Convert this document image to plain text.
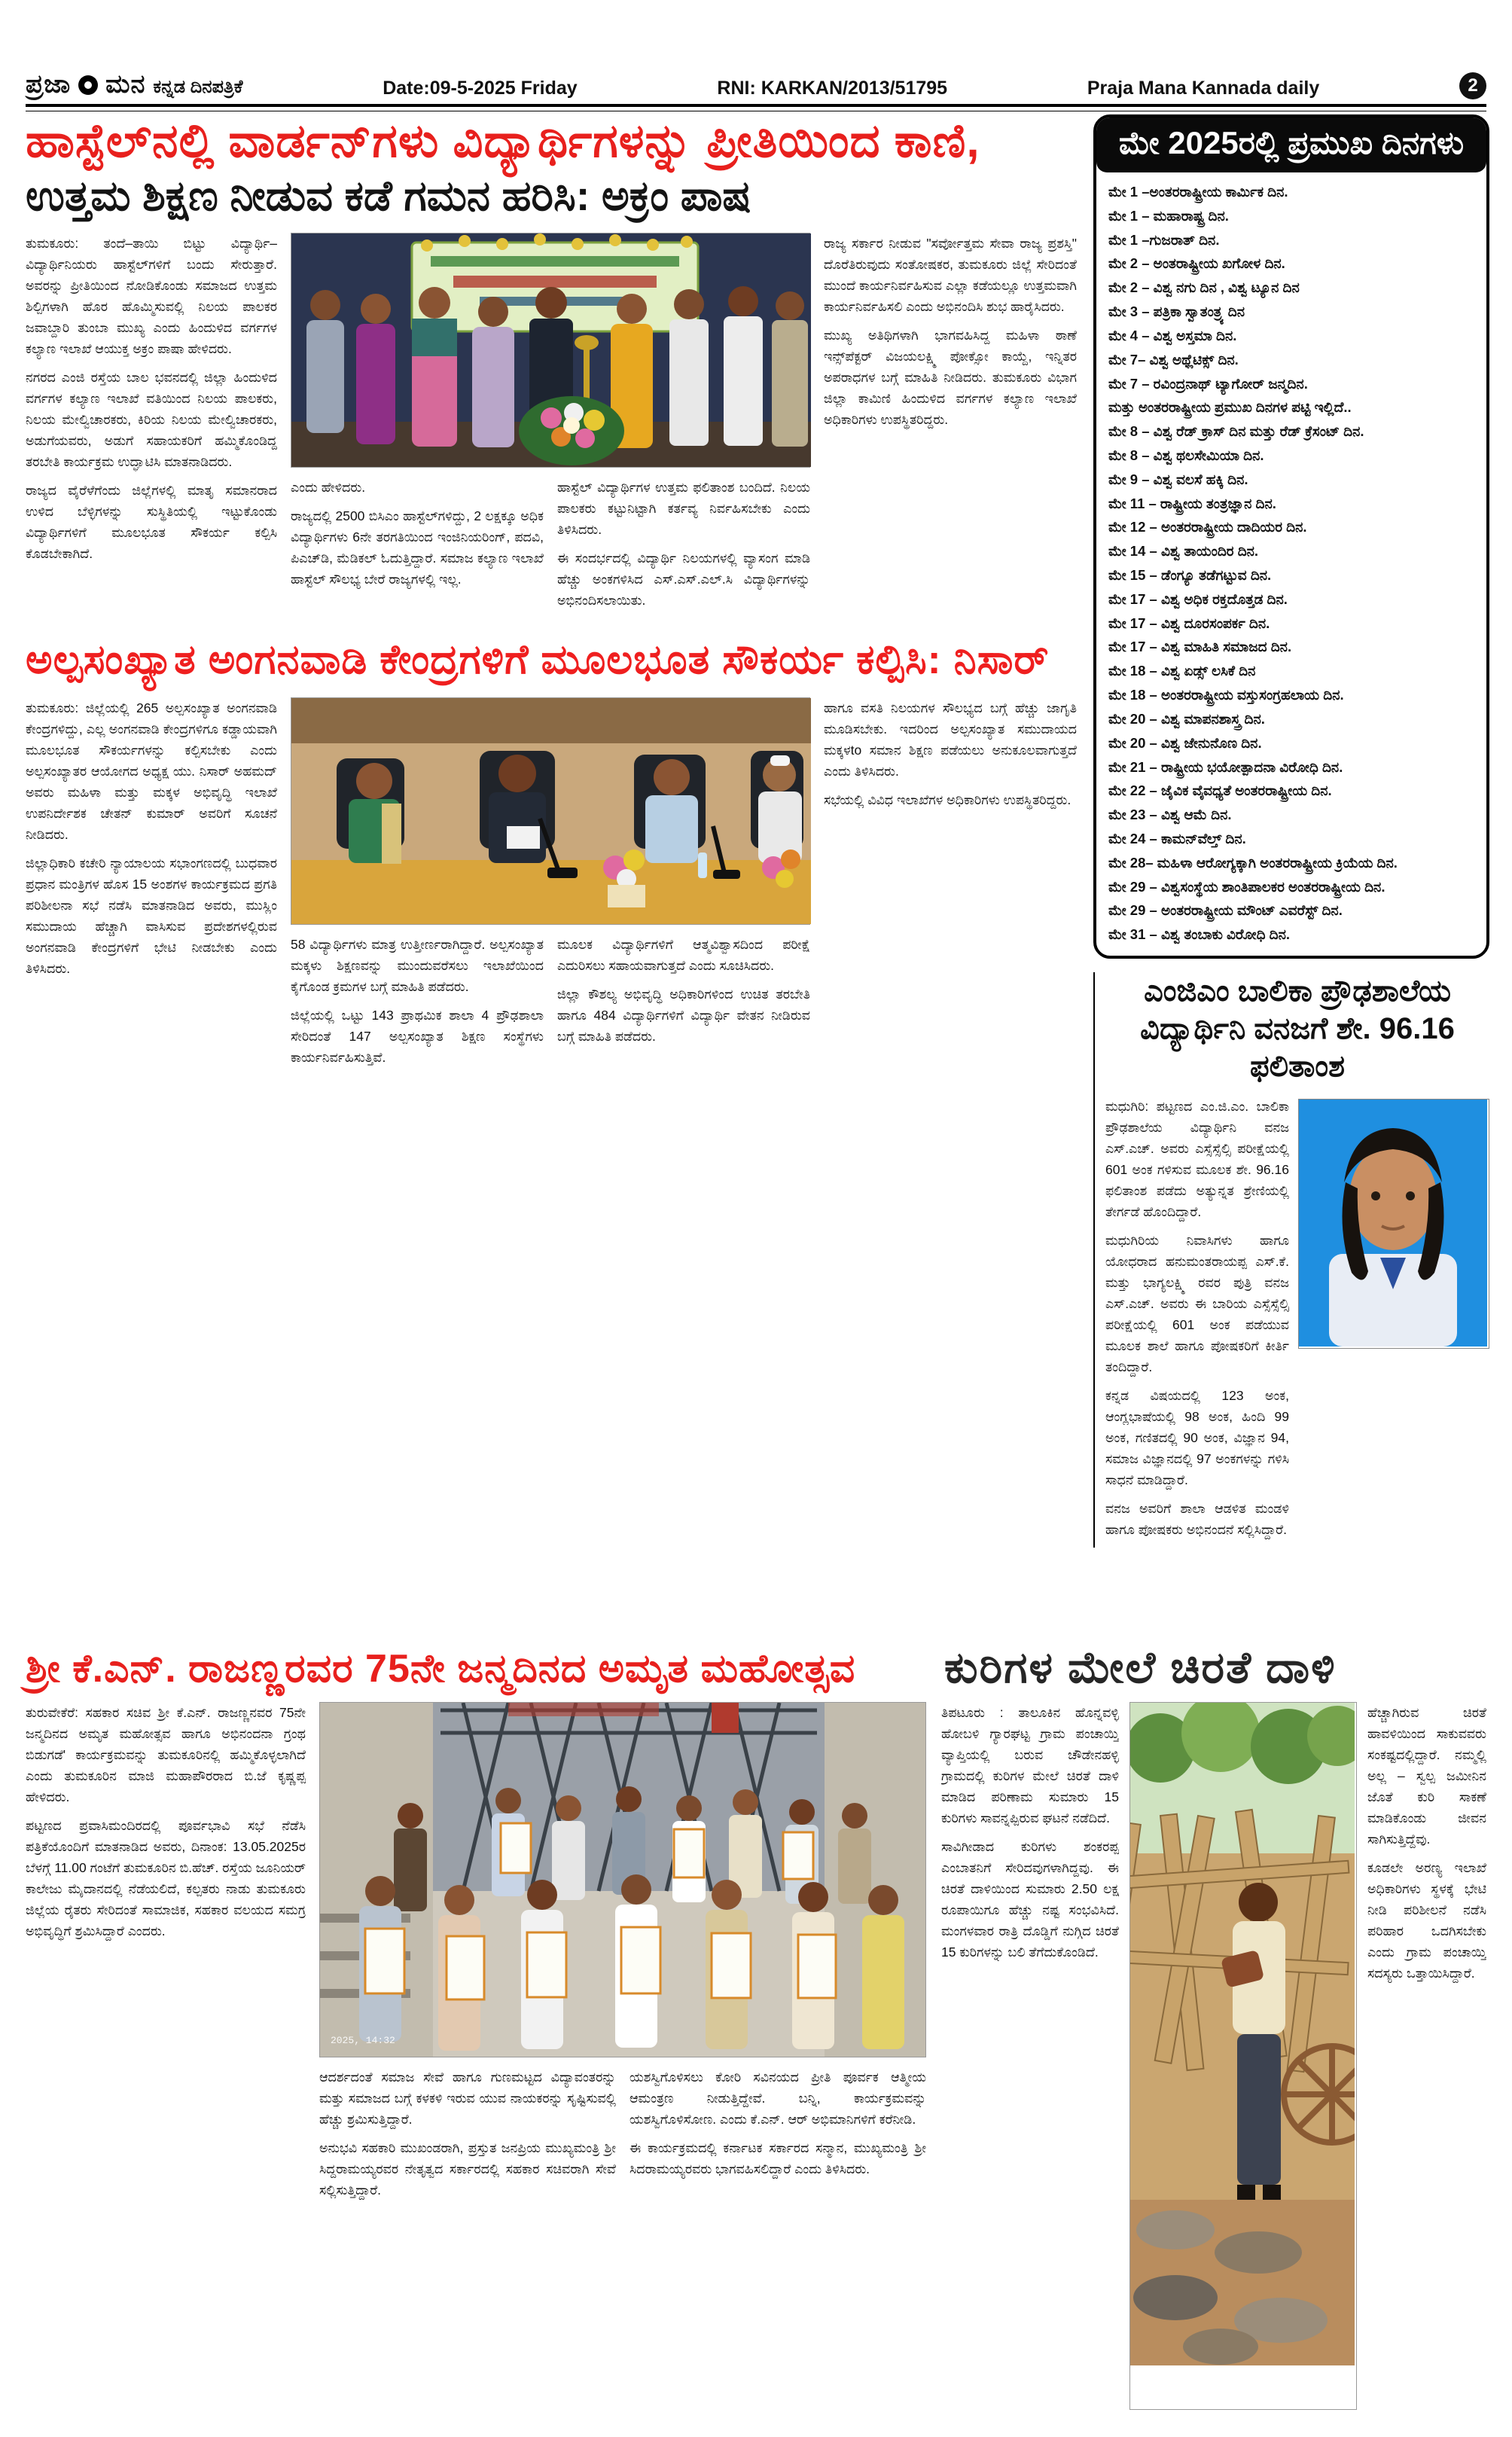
ಪ್ರಜಾ ಮನ ಕನ್ನಡ ದಿನಪತ್ರಿಕೆ	Date:09-5-2025 Friday	RNI: KARKAN/2013/51795	Praja Mana Kannada daily	2
ಹಾಸ್ಟೆಲ್‌ನಲ್ಲಿ ವಾರ್ಡನ್‌ಗಳು ವಿದ್ಯಾರ್ಥಿಗಳನ್ನು ಪ್ರೀತಿಯಿಂದ ಕಾಣಿ,
ಉತ್ತಮ ಶಿಕ್ಷಣ ನೀಡುವ ಕಡೆ ಗಮನ ಹರಿಸಿ: ಅಕ್ರಂ ಪಾಷ

ತುಮಕೂರು: ತಂದೆ–ತಾಯಿ ಬಿಟ್ಟು ವಿದ್ಯಾರ್ಥಿ–ವಿದ್ಯಾರ್ಥಿನಿಯರು ಹಾಸ್ಟೆಲ್‌ಗಳಿಗೆ ಬಂದು ಸೇರುತ್ತಾರೆ. ಅವರನ್ನು ಪ್ರೀತಿಯಿಂದ ನೋಡಿಕೊಂಡು ಸಮಾಜದ ಉತ್ತಮ ಶಿಲ್ಪಿಗಳಾಗಿ ಹೊರ ಹೊಮ್ಮಿಸುವಲ್ಲಿ ನಿಲಯ ಪಾಲಕರ ಜವಾಬ್ದಾರಿ ತುಂಬಾ ಮುಖ್ಯ ಎಂದು ಹಿಂದುಳಿದ ವರ್ಗಗಳ ಕಲ್ಯಾಣ ಇಲಾಖೆ ಆಯುಕ್ತ ಅಕ್ರಂ ಪಾಷಾ ಹೇಳಿದರು.

ನಗರದ ಎಂಜಿ ರಸ್ತೆಯ ಬಾಲ ಭವನದಲ್ಲಿ ಜಿಲ್ಲಾ ಹಿಂದುಳಿದ ವರ್ಗಗಳ ಕಲ್ಯಾಣ ಇಲಾಖೆ ವತಿಯಿಂದ ನಿಲಯ ಪಾಲಕರು, ನಿಲಯ ಮೇಲ್ವಿಚಾರಕರು, ಕಿರಿಯ ನಿಲಯ ಮೇಲ್ವಿಚಾರಕರು, ಅಡುಗೆಯವರು, ಅಡುಗೆ ಸಹಾಯಕರಿಗೆ ಹಮ್ಮಿಕೊಂಡಿದ್ದ ತರಬೇತಿ ಕಾರ್ಯಕ್ರಮ ಉದ್ಘಾಟಿಸಿ ಮಾತನಾಡಿದರು.

ರಾಜ್ಯದ ವೈರೆಳೆಗೆಂದು ಜಿಲ್ಲೆಗಳಲ್ಲಿ ಮಾತೃ ಸಮಾನರಾದ ಉಳಿದ ಬೆಳ್ಳಿಗಳನ್ನು ಸುಸ್ಥಿತಿಯಲ್ಲಿ ಇಟ್ಟುಕೊಂಡು ವಿದ್ಯಾರ್ಥಿಗಳಿಗೆ ಮೂಲಭೂತ ಸೌಕರ್ಯ ಕಲ್ಪಿಸಿ ಕೊಡಬೇಕಾಗಿದೆ.

ಎಂದು ಹೇಳಿದರು.

ರಾಜ್ಯದಲ್ಲಿ 2500 ಬಿಸಿಎಂ ಹಾಸ್ಟೆಲ್‌ಗಳಿದ್ದು, 2 ಲಕ್ಷಕ್ಕೂ ಅಧಿಕ ವಿದ್ಯಾರ್ಥಿಗಳು 6ನೇ ತರಗತಿಯಿಂದ ಇಂಜಿನಿಯರಿಂಗ್, ಪದವಿ, ಪಿಎಚ್‌ಡಿ, ಮೆಡಿಕಲ್ ಓದುತ್ತಿದ್ದಾರೆ. ಸಮಾಜ ಕಲ್ಯಾಣ ಇಲಾಖೆ ಹಾಸ್ಟೆಲ್ ಸೌಲಭ್ಯ ಬೇರೆ ರಾಜ್ಯಗಳಲ್ಲಿ ಇಲ್ಲ.

ಹಾಸ್ಟೆಲ್ ವಿದ್ಯಾರ್ಥಿಗಳ ಉತ್ತಮ ಫಲಿತಾಂಶ ಬಂದಿದೆ. ನಿಲಯ ಪಾಲಕರು ಕಟ್ಟುನಿಟ್ಟಾಗಿ ಕರ್ತವ್ಯ ನಿರ್ವಹಿಸಬೇಕು ಎಂದು ತಿಳಿಸಿದರು.

ಈ ಸಂದರ್ಭದಲ್ಲಿ ವಿದ್ಯಾರ್ಥಿ ನಿಲಯಗಳಲ್ಲಿ ವ್ಯಾಸಂಗ ಮಾಡಿ ಹೆಚ್ಚು ಅಂಕಗಳಿಸಿದ ಎಸ್.ಎಸ್.ಎಲ್.ಸಿ ವಿದ್ಯಾರ್ಥಿಗಳನ್ನು ಅಭಿನಂದಿಸಲಾಯಿತು.

ರಾಜ್ಯ ಸರ್ಕಾರ ನೀಡುವ "ಸರ್ವೋತ್ತಮ ಸೇವಾ ರಾಜ್ಯ ಪ್ರಶಸ್ತಿ" ದೊರೆತಿರುವುದು ಸಂತೋಷಕರ, ತುಮಕೂರು ಜಿಲ್ಲೆ ಸೇರಿದಂತೆ ಮುಂದೆ ಕಾರ್ಯನಿರ್ವಹಿಸುವ ಎಲ್ಲಾ ಕಡೆಯಲ್ಲೂ ಉತ್ತಮವಾಗಿ ಕಾರ್ಯನಿರ್ವಹಿಸಲಿ ಎಂದು ಅಭಿನಂದಿಸಿ ಶುಭ ಹಾರೈಸಿದರು.

ಮುಖ್ಯ ಅತಿಥಿಗಳಾಗಿ ಭಾಗವಹಿಸಿದ್ದ ಮಹಿಳಾ ಠಾಣೆ ಇನ್ಸ್‌ಪೆಕ್ಟರ್ ವಿಜಯಲಕ್ಷ್ಮಿ ಪೋಕ್ಸೋ ಕಾಯ್ದೆ, ಇನ್ನಿತರ ಅಪರಾಧಗಳ ಬಗ್ಗೆ ಮಾಹಿತಿ ನೀಡಿದರು. ತುಮಕೂರು ವಿಭಾಗ ಜಿಲ್ಲಾ ಕಾಮಿಣಿ ಹಿಂದುಳಿದ ವರ್ಗಗಳ ಕಲ್ಯಾಣ ಇಲಾಖೆ ಅಧಿಕಾರಿಗಳು ಉಪಸ್ಥಿತರಿದ್ದರು.

ಅಲ್ಪಸಂಖ್ಯಾತ ಅಂಗನವಾಡಿ ಕೇಂದ್ರಗಳಿಗೆ ಮೂಲಭೂತ ಸೌಕರ್ಯ ಕಲ್ಪಿಸಿ: ನಿಸಾರ್

ತುಮಕೂರು: ಜಿಲ್ಲೆಯಲ್ಲಿ 265 ಅಲ್ಪಸಂಖ್ಯಾತ ಅಂಗನವಾಡಿ ಕೇಂದ್ರಗಳಿದ್ದು, ಎಲ್ಲ ಅಂಗನವಾಡಿ ಕೇಂದ್ರಗಳಿಗೂ ಕಡ್ಡಾಯವಾಗಿ ಮೂಲಭೂತ ಸೌಕರ್ಯಗಳನ್ನು ಕಲ್ಪಿಸಬೇಕು ಎಂದು ಅಲ್ಪಸಂಖ್ಯಾತರ ಆಯೋಗದ ಅಧ್ಯಕ್ಷ ಯು. ನಿಸಾರ್ ಅಹಮದ್ ಅವರು ಮಹಿಳಾ ಮತ್ತು ಮಕ್ಕಳ ಅಭಿವೃದ್ಧಿ ಇಲಾಖೆ ಉಪನಿರ್ದೇಶಕ ಚೇತನ್ ಕುಮಾರ್ ಅವರಿಗೆ ಸೂಚನೆ ನೀಡಿದರು.

ಜಿಲ್ಲಾಧಿಕಾರಿ ಕಚೇರಿ ನ್ಯಾಯಾಲಯ ಸಭಾಂಗಣದಲ್ಲಿ ಬುಧವಾರ ಪ್ರಧಾನ ಮಂತ್ರಿಗಳ ಹೊಸ 15 ಅಂಶಗಳ ಕಾರ್ಯಕ್ರಮದ ಪ್ರಗತಿ ಪರಿಶೀಲನಾ ಸಭೆ ನಡೆಸಿ ಮಾತನಾಡಿದ ಅವರು, ಮುಸ್ಲಿಂ ಸಮುದಾಯ ಹೆಚ್ಚಾಗಿ ವಾಸಿಸುವ ಪ್ರದೇಶಗಳಲ್ಲಿರುವ ಅಂಗನವಾಡಿ ಕೇಂದ್ರಗಳಿಗೆ ಭೇಟಿ ನೀಡಬೇಕು ಎಂದು ತಿಳಿಸಿದರು.

58 ವಿದ್ಯಾರ್ಥಿಗಳು ಮಾತ್ರ ಉತ್ತೀರ್ಣರಾಗಿದ್ದಾರೆ. ಅಲ್ಪಸಂಖ್ಯಾತ ಮಕ್ಕಳು ಶಿಕ್ಷಣವನ್ನು ಮುಂದುವರೆಸಲು ಇಲಾಖೆಯಿಂದ ಕೈಗೊಂಡ ಕ್ರಮಗಳ ಬಗ್ಗೆ ಮಾಹಿತಿ ಪಡೆದರು.

ಜಿಲ್ಲೆಯಲ್ಲಿ ಒಟ್ಟು 143 ಪ್ರಾಥಮಿಕ ಶಾಲಾ 4 ಪ್ರೌಢಶಾಲಾ ಸೇರಿದಂತೆ 147 ಅಲ್ಪಸಂಖ್ಯಾತ ಶಿಕ್ಷಣ ಸಂಸ್ಥೆಗಳು ಕಾರ್ಯನಿರ್ವಹಿಸುತ್ತಿವೆ.

ಮೂಲಕ ವಿದ್ಯಾರ್ಥಿಗಳಿಗೆ ಆತ್ಮವಿಶ್ವಾಸದಿಂದ ಪರೀಕ್ಷೆ ಎದುರಿಸಲು ಸಹಾಯವಾಗುತ್ತದೆ ಎಂದು ಸೂಚಿಸಿದರು.

ಜಿಲ್ಲಾ ಕೌಶಲ್ಯ ಅಭಿವೃದ್ಧಿ ಅಧಿಕಾರಿಗಳಿಂದ ಉಚಿತ ತರಬೇತಿ ಹಾಗೂ 484 ವಿದ್ಯಾರ್ಥಿಗಳಿಗೆ ವಿದ್ಯಾರ್ಥಿ ವೇತನ ನೀಡಿರುವ ಬಗ್ಗೆ ಮಾಹಿತಿ ಪಡೆದರು.

ಹಾಗೂ ವಸತಿ ನಿಲಯಗಳ ಸೌಲಭ್ಯದ ಬಗ್ಗೆ ಹೆಚ್ಚು ಜಾಗೃತಿ ಮೂಡಿಸಬೇಕು. ಇದರಿಂದ ಅಲ್ಪಸಂಖ್ಯಾತ ಸಮುದಾಯದ ಮಕ್ಕಳto ಸಮಾನ ಶಿಕ್ಷಣ ಪಡೆಯಲು ಅನುಕೂಲವಾಗುತ್ತದೆ ಎಂದು ತಿಳಿಸಿದರು.

ಸಭೆಯಲ್ಲಿ ವಿವಿಧ ಇಲಾಖೆಗಳ ಅಧಿಕಾರಿಗಳು ಉಪಸ್ಥಿತರಿದ್ದರು.

ಮೇ 2025ರಲ್ಲಿ ಪ್ರಮುಖ ದಿನಗಳು
ಮೇ 1 –ಅಂತರರಾಷ್ಟ್ರೀಯ ಕಾರ್ಮಿಕ ದಿನ.
ಮೇ 1 – ಮಹಾರಾಷ್ಟ್ರ ದಿನ.
ಮೇ 1 –ಗುಜರಾತ್ ದಿನ.
ಮೇ 2 – ಅಂತರಾಷ್ಟ್ರೀಯ ಖಗೋಳ ದಿನ.
ಮೇ 2 – ವಿಶ್ವ ನಗು ದಿನ , ವಿಶ್ವ ಟ್ಯೂನ ದಿನ
ಮೇ 3 – ಪತ್ರಿಕಾ ಸ್ವಾತಂತ್ರ್ಯ ದಿನ
ಮೇ 4 – ವಿಶ್ವ ಅಸ್ತಮಾ ದಿನ.
ಮೇ 7– ವಿಶ್ವ ಅಥ್ಲೆಟಿಕ್ಸ್ ದಿನ.
ಮೇ 7 – ರವಿಂದ್ರನಾಥ್ ಟ್ಯಾಗೋರ್ ಜನ್ಮದಿನ.
ಮತ್ತು ಅಂತರರಾಷ್ಟ್ರೀಯ ಪ್ರಮುಖ ದಿನಗಳ ಪಟ್ಟಿ ಇಲ್ಲಿದೆ..
ಮೇ 8 – ವಿಶ್ವ ರೆಡ್ ಕ್ರಾಸ್ ದಿನ ಮತ್ತು ರೆಡ್ ಕ್ರೆಸಂಟ್ ದಿನ.
ಮೇ 8 – ವಿಶ್ವ ಥಲಸೇಮಿಯಾ ದಿನ.
ಮೇ 9 – ವಿಶ್ವ ವಲಸೆ ಹಕ್ಕಿ ದಿನ.
ಮೇ 11 – ರಾಷ್ಟ್ರೀಯ ತಂತ್ರಜ್ಞಾನ ದಿನ.
ಮೇ 12 – ಅಂತರರಾಷ್ಟ್ರೀಯ ದಾದಿಯರ ದಿನ.
ಮೇ 14 – ವಿಶ್ವ ತಾಯಂದಿರ ದಿನ.
ಮೇ 15 – ಡೆಂಗ್ಯೂ ತಡೆಗಟ್ಟುವ ದಿನ.
ಮೇ 17 – ವಿಶ್ವ ಅಧಿಕ ರಕ್ತದೊತ್ತಡ ದಿನ.
ಮೇ 17 – ವಿಶ್ವ ದೂರಸಂಪರ್ಕ ದಿನ.
ಮೇ 17 – ವಿಶ್ವ ಮಾಹಿತಿ ಸಮಾಜದ ದಿನ.
ಮೇ 18 – ವಿಶ್ವ ಏಡ್ಸ್ ಲಸಿಕೆ ದಿನ
ಮೇ 18 – ಅಂತರರಾಷ್ಟ್ರೀಯ ವಸ್ತುಸಂಗ್ರಹಲಾಯ ದಿನ.
ಮೇ 20 – ವಿಶ್ವ ಮಾಪನಶಾಸ್ತ್ರ ದಿನ.
ಮೇ 20 – ವಿಶ್ವ ಜೇನುನೊಣ ದಿನ.
ಮೇ 21 – ರಾಷ್ಟ್ರೀಯ ಭಯೋತ್ಪಾದನಾ ವಿರೋಧಿ ದಿನ.
ಮೇ 22 – ಜೈವಿಕ ವೈವಧ್ಯತೆ ಅಂತರರಾಷ್ಟ್ರೀಯ ದಿನ.
ಮೇ 23 – ವಿಶ್ವ ಆಮೆ ದಿನ.
ಮೇ 24 – ಕಾಮನ್‌ವೆಲ್ತ್ ದಿನ.
ಮೇ 28– ಮಹಿಳಾ ಆರೋಗ್ಯಕ್ಕಾಗಿ ಅಂತರರಾಷ್ಟ್ರೀಯ ಕ್ರಿಯೆಯ ದಿನ.
ಮೇ 29 – ವಿಶ್ವಸಂಸ್ಥೆಯ ಶಾಂತಿಪಾಲಕರ ಅಂತರರಾಷ್ಟ್ರೀಯ ದಿನ.
ಮೇ 29 – ಅಂತರರಾಷ್ಟ್ರೀಯ ಮೌಂಟ್ ಎವರೆಸ್ಟ್ ದಿನ.
ಮೇ 31 – ವಿಶ್ವ ತಂಬಾಕು ವಿರೋಧಿ ದಿನ.
ಎಂಜಿಎಂ ಬಾಲಿಕಾ ಪ್ರೌಢಶಾಲೆಯ
ವಿದ್ಯಾರ್ಥಿನಿ ವನಜಗೆ ಶೇ. 96.16 ಫಲಿತಾಂಶ

ಮಧುಗಿರಿ: ಪಟ್ಟಣದ ಎಂ.ಜಿ.ಎಂ. ಬಾಲಿಕಾ ಪ್ರೌಢಶಾಲೆಯ ವಿದ್ಯಾರ್ಥಿನಿ ವನಜ ಎಸ್.ಎಚ್. ಅವರು ಎಸ್ಸೆಸ್ಸೆಲ್ಸಿ ಪರೀಕ್ಷೆಯಲ್ಲಿ 601 ಅಂಕ ಗಳಿಸುವ ಮೂಲಕ ಶೇ. 96.16 ಫಲಿತಾಂಶ ಪಡೆದು ಅತ್ಯುನ್ನತ ಶ್ರೇಣಿಯಲ್ಲಿ ತೇರ್ಗಡೆ ಹೊಂದಿದ್ದಾರೆ.

ಮಧುಗಿರಿಯ ನಿವಾಸಿಗಳು ಹಾಗೂ ಯೋಧರಾದ ಹನುಮಂತರಾಯಪ್ಪ ಎಸ್.ಕೆ. ಮತ್ತು ಭಾಗ್ಯಲಕ್ಷ್ಮಿ ರವರ ಪುತ್ರಿ ವನಜ ಎಸ್.ಎಚ್. ಅವರು ಈ ಬಾರಿಯ ಎಸ್ಸೆಸ್ಸೆಲ್ಸಿ ಪರೀಕ್ಷೆಯಲ್ಲಿ 601 ಅಂಕ ಪಡೆಯುವ ಮೂಲಕ ಶಾಲೆ ಹಾಗೂ ಪೋಷಕರಿಗೆ ಕೀರ್ತಿ ತಂದಿದ್ದಾರೆ.

ಕನ್ನಡ ವಿಷಯದಲ್ಲಿ 123 ಅಂಕ, ಆಂಗ್ಲಭಾಷೆಯಲ್ಲಿ 98 ಅಂಕ, ಹಿಂದಿ 99 ಅಂಕ, ಗಣಿತದಲ್ಲಿ 90 ಅಂಕ, ವಿಜ್ಞಾನ 94, ಸಮಾಜ ವಿಜ್ಞಾನದಲ್ಲಿ 97 ಅಂಕಗಳನ್ನು ಗಳಿಸಿ ಸಾಧನೆ ಮಾಡಿದ್ದಾರೆ.

ವನಜ ಅವರಿಗೆ ಶಾಲಾ ಆಡಳಿತ ಮಂಡಳಿ ಹಾಗೂ ಪೋಷಕರು ಅಭಿನಂದನೆ ಸಲ್ಲಿಸಿದ್ದಾರೆ.

ಶ್ರೀ ಕೆ.ಎನ್. ರಾಜಣ್ಣರವರ 75ನೇ ಜನ್ಮದಿನದ ಅಮೃತ ಮಹೋತ್ಸವ	ಕುರಿಗಳ ಮೇಲೆ ಚಿರತೆ ದಾಳಿ

ತುರುವೇಕೆರೆ: ಸಹಕಾರ ಸಚಿವ ಶ್ರೀ ಕೆ.ಎನ್. ರಾಜಣ್ಣನವರ 75ನೇ ಜನ್ಮದಿನದ ಅಮೃತ ಮಹೋತ್ಸವ ಹಾಗೂ ಅಭಿನಂದನಾ ಗ್ರಂಥ ಬಿಡುಗಡೆ' ಕಾರ್ಯಕ್ರಮವನ್ನು ತುಮಕೂರಿನಲ್ಲಿ ಹಮ್ಮಿಕೊಳ್ಳಲಾಗಿದೆ ಎಂದು ತುಮಕೂರಿನ ಮಾಜಿ ಮಹಾಪೌರರಾದ ಬಿ.ಜೆ ಕೃಷ್ಣಪ್ಪ ಹೇಳಿದರು.

ಪಟ್ಟಣದ ಪ್ರವಾಸಿಮಂದಿರದಲ್ಲಿ ಪೂರ್ವಭಾವಿ ಸಭೆ ನೆಡೆಸಿ ಪತ್ರಿಕೆಯೊಂದಿಗೆ ಮಾತನಾಡಿದ ಅವರು, ದಿನಾಂಕ: 13.05.2025ರ ಬೆಳಗ್ಗೆ 11.00 ಗಂಟೆಗೆ ತುಮಕೂರಿನ ಬಿ.ಹೆಚ್. ರಸ್ತೆಯ ಜೂನಿಯರ್ ಕಾಲೇಜು ಮೈದಾನದಲ್ಲಿ ನೆಡೆಯಲಿದೆ, ಕಲ್ಪತರು ನಾಡು ತುಮಕೂರು ಜಿಲ್ಲೆಯ ರೈತರು ಸೇರಿದಂತೆ ಸಾಮಾಜಿಕ, ಸಹಕಾರ ವಲಯದ ಸಮಗ್ರ ಅಭಿವೃದ್ಧಿಗೆ ಶ್ರಮಿಸಿದ್ದಾರೆ ಎಂದರು.

2025, 14:32

ಆದರ್ಶದಂತೆ ಸಮಾಜ ಸೇವೆ ಹಾಗೂ ಗುಣಮಟ್ಟದ ವಿದ್ಯಾವಂತರನ್ನು ಮತ್ತು ಸಮಾಜದ ಬಗ್ಗೆ ಕಳಕಳಿ ಇರುವ ಯುವ ನಾಯಕರನ್ನು ಸೃಷ್ಟಿಸುವಲ್ಲಿ ಹೆಚ್ಚು ಶ್ರಮಿಸುತ್ತಿದ್ದಾರೆ.

ಅನುಭವಿ ಸಹಕಾರಿ ಮುಖಂಡರಾಗಿ, ಪ್ರಸ್ತುತ ಜನಪ್ರಿಯ ಮುಖ್ಯಮಂತ್ರಿ ಶ್ರೀ ಸಿದ್ದರಾಮಯ್ಯರವರ ನೇತೃತ್ವದ ಸರ್ಕಾರದಲ್ಲಿ ಸಹಕಾರ ಸಚಿವರಾಗಿ ಸೇವೆ ಸಲ್ಲಿಸುತ್ತಿದ್ದಾರೆ.

ಯಶಸ್ವಿಗೊಳಿಸಲು ಕೋರಿ ಸವಿನಯದ ಪ್ರೀತಿ ಪೂರ್ವಕ ಆತ್ಮೀಯ ಆಮಂತ್ರಣ ನೀಡುತ್ತಿದ್ದೇವೆ. ಬನ್ನಿ, ಕಾರ್ಯಕ್ರಮವನ್ನು ಯಶಸ್ವಿಗೊಳಿಸೋಣ. ಎಂದು ಕೆ.ಎನ್. ಆರ್ ಅಭಿಮಾನಿಗಳಿಗೆ ಕರೆನೀಡಿ.

ಈ ಕಾರ್ಯಕ್ರಮದಲ್ಲಿ ಕರ್ನಾಟಕ ಸರ್ಕಾರದ ಸನ್ಮಾನ, ಮುಖ್ಯಮಂತ್ರಿ ಶ್ರೀ ಸಿದರಾಮಯ್ಯರವರು ಭಾಗವಹಿಸಲಿದ್ದಾರೆ ಎಂದು ತಿಳಿಸಿದರು.

ತಿಪಟೂರು : ತಾಲೂಕಿನ ಹೊನ್ನವಳ್ಳಿ ಹೋಬಳಿ ಗ್ಯಾರಘಟ್ಟ ಗ್ರಾಮ ಪಂಚಾಯ್ತಿ ವ್ಯಾಪ್ತಿಯಲ್ಲಿ ಬರುವ ಚೌಡೇನಹಳ್ಳಿ ಗ್ರಾಮದಲ್ಲಿ ಕುರಿಗಳ ಮೇಲೆ ಚಿರತೆ ದಾಳಿ ಮಾಡಿದ ಪರಿಣಾಮ ಸುಮಾರು 15 ಕುರಿಗಳು ಸಾವನ್ನಪ್ಪಿರುವ ಘಟನೆ ನಡೆದಿದೆ.

ಸಾವಿಗೀಡಾದ ಕುರಿಗಳು ಶಂಕರಪ್ಪ ಎಂಬಾತನಿಗೆ ಸೇರಿದವುಗಳಾಗಿದ್ದವು. ಈ ಚಿರತೆ ದಾಳಿಯಿಂದ ಸುಮಾರು 2.50 ಲಕ್ಷ ರೂಪಾಯಿಗೂ ಹೆಚ್ಚು ನಷ್ಟ ಸಂಭವಿಸಿದೆ. ಮಂಗಳವಾರ ರಾತ್ರಿ ದೊಡ್ಡಿಗೆ ನುಗ್ಗಿದ ಚಿರತೆ 15 ಕುರಿಗಳನ್ನು ಬಲಿ ತೆಗೆದುಕೊಂಡಿದೆ.

ಹೆಚ್ಚಾಗಿರುವ ಚಿರತೆ ಹಾವಳಿಯಿಂದ ಸಾಕುವವರು ಸಂಕಷ್ಟದಲ್ಲಿದ್ದಾರೆ. ನಮ್ಮಲ್ಲಿ ಅಲ್ಲ – ಸ್ವಲ್ಪ ಜಮೀನಿನ ಜೊತೆ ಕುರಿ ಸಾಕಣೆ ಮಾಡಿಕೊಂಡು ಜೀವನ ಸಾಗಿಸುತ್ತಿದ್ದೆವು.

ಕೂಡಲೇ ಅರಣ್ಯ ಇಲಾಖೆ ಅಧಿಕಾರಿಗಳು ಸ್ಥಳಕ್ಕೆ ಭೇಟಿ ನೀಡಿ ಪರಿಶೀಲನೆ ನಡೆಸಿ ಪರಿಹಾರ ಒದಗಿಸಬೇಕು ಎಂದು ಗ್ರಾಮ ಪಂಚಾಯ್ತಿ ಸದಸ್ಯರು ಒತ್ತಾಯಿಸಿದ್ದಾರೆ.
